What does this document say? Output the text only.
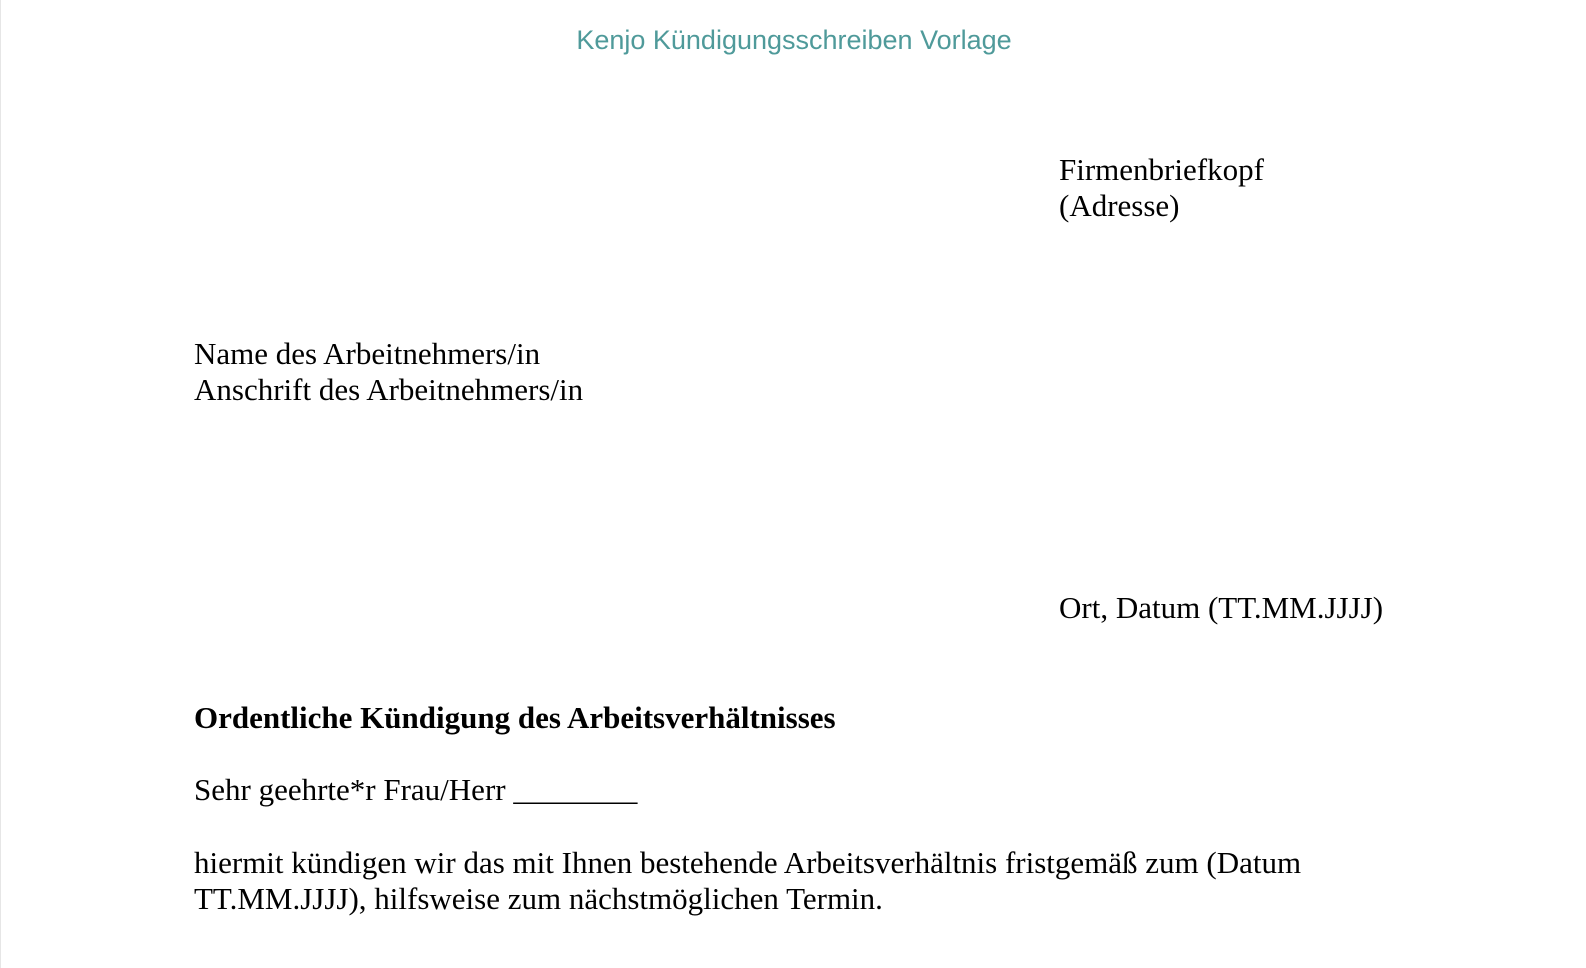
Kenjo Kündigungsschreiben Vorlage
Firmenbriefkopf
(Adresse)
Name des Arbeitnehmers/in
Anschrift des Arbeitnehmers/in
Ort, Datum (TT.MM.JJJJ)
Ordentliche Kündigung des Arbeitsverhältnisses
Sehr geehrte*r Frau/Herr ________
hiermit kündigen wir das mit Ihnen bestehende Arbeitsverhältnis fristgemäß zum (Datum
TT.MM.JJJJ), hilfsweise zum nächstmöglichen Termin.
